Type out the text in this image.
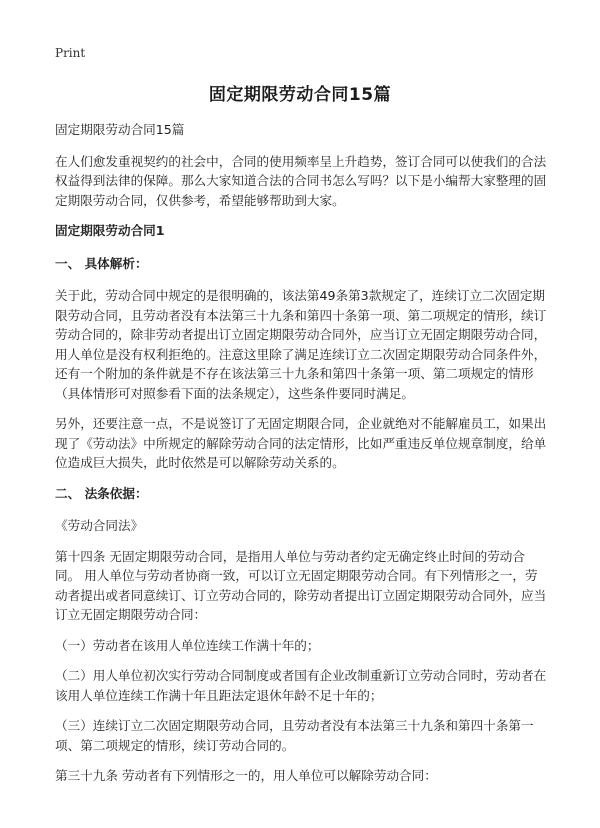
Print
固定期限劳动合同15篇

固定期限劳动合同15篇

在人们愈发重视契约的社会中，合同的使用频率呈上升趋势，签订合同可以使我们的合法权益得到法律的保障。那么大家知道合法的合同书怎么写吗？以下是小编帮大家整理的固定期限劳动合同，仅供参考，希望能够帮助到大家。

固定期限劳动合同1

一、 具体解析：

关于此，劳动合同中规定的是很明确的，该法第49条第3款规定了，连续订立二次固定期限劳动合同，且劳动者没有本法第三十九条和第四十条第一项、第二项规定的情形，续订劳动合同的，除非劳动者提出订立固定期限劳动合同外，应当订立无固定期限劳动合同，用人单位是没有权利拒绝的。注意这里除了满足连续订立二次固定期限劳动合同条件外，还有一个附加的条件就是不存在该法第三十九条和第四十条第一项、第二项规定的情形（具体情形可对照参看下面的法条规定），这些条件要同时满足。

另外，还要注意一点，不是说签订了无固定期限合同，企业就绝对不能解雇员工，如果出现了《劳动法》中所规定的解除劳动合同的法定情形，比如严重违反单位规章制度，给单位造成巨大损失，此时依然是可以解除劳动关系的。

二、 法条依据：

《劳动合同法》

第十四条 无固定期限劳动合同，是指用人单位与劳动者约定无确定终止时间的劳动合同。 用人单位与劳动者协商一致，可以订立无固定期限劳动合同。有下列情形之一，劳动者提出或者同意续订、订立劳动合同的，除劳动者提出订立固定期限劳动合同外，应当订立无固定期限劳动合同：

（一）劳动者在该用人单位连续工作满十年的；

（二）用人单位初次实行劳动合同制度或者国有企业改制重新订立劳动合同时，劳动者在该用人单位连续工作满十年且距法定退休年龄不足十年的；

（三）连续订立二次固定期限劳动合同，且劳动者没有本法第三十九条和第四十条第一项、第二项规定的情形，续订劳动合同的。

第三十九条 劳动者有下列情形之一的，用人单位可以解除劳动合同：
